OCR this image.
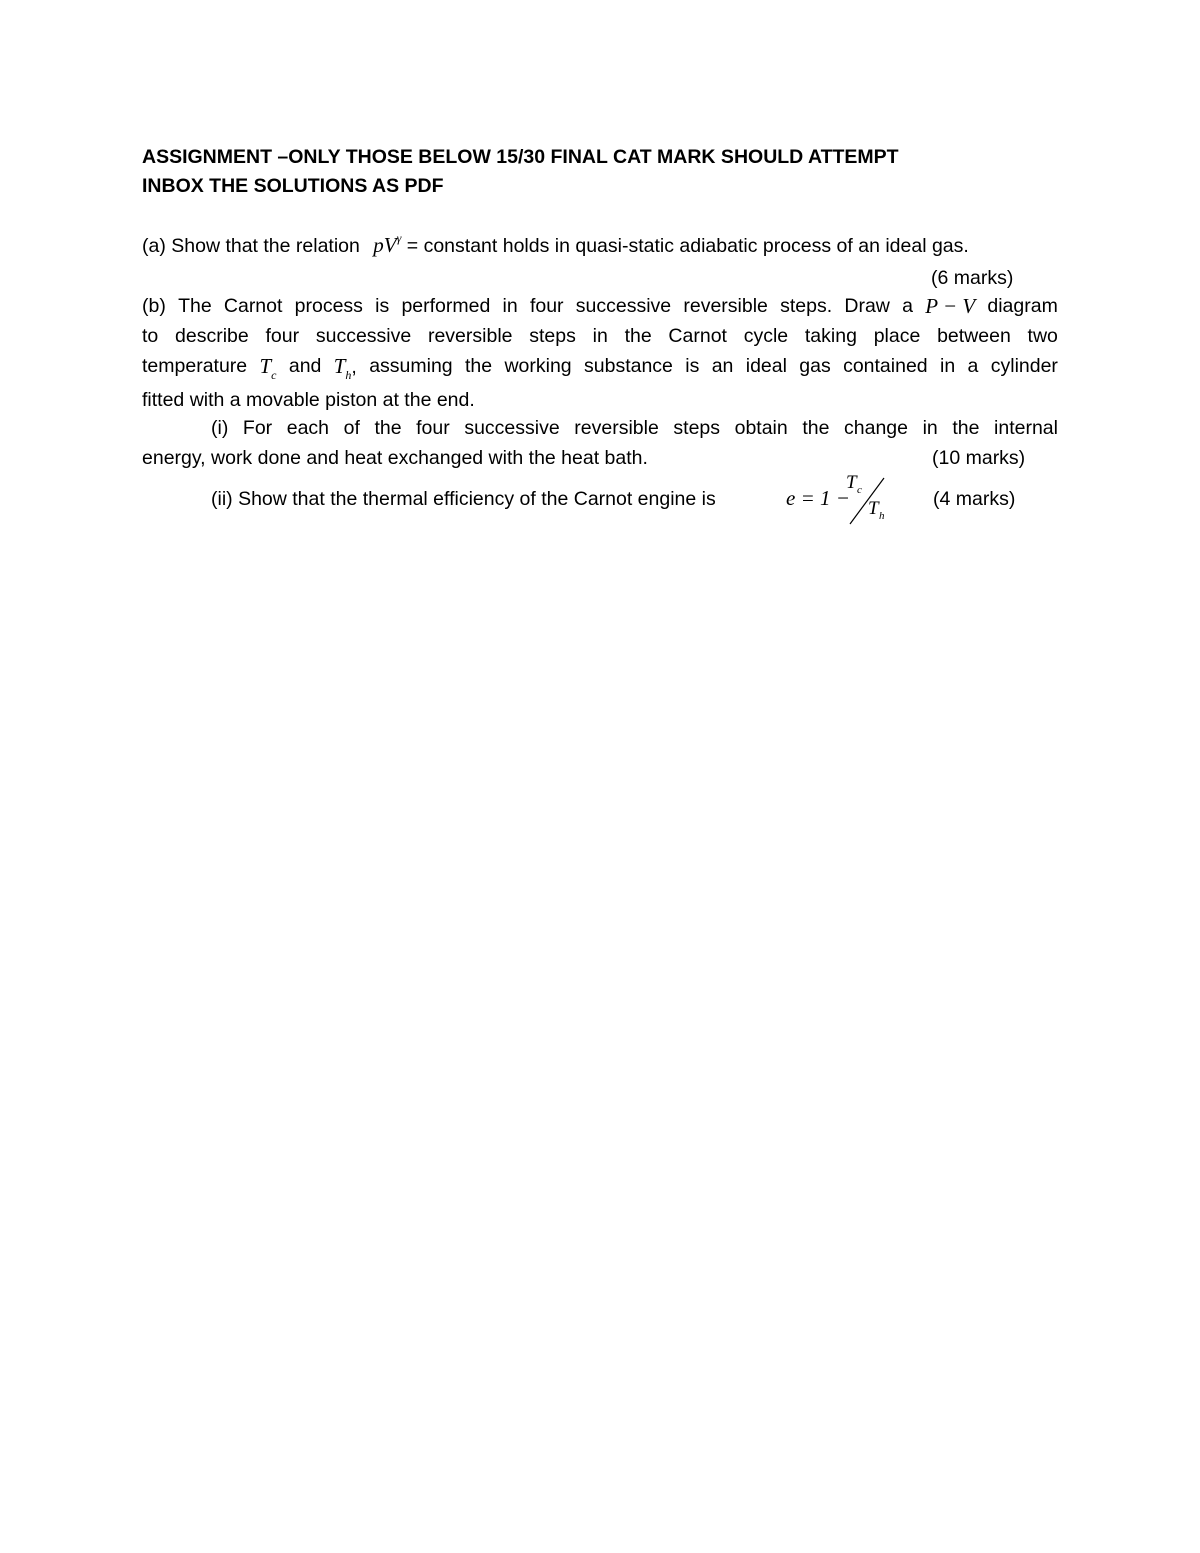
ASSIGNMENT –ONLY THOSE BELOW 15/30 FINAL CAT MARK SHOULD ATTEMPT
INBOX THE SOLUTIONS AS PDF
(a) Show that the relation $pV^\gamma$ = constant holds in quasi-static adiabatic process of an ideal gas.
(6 marks)
(b) The Carnot process is performed in four successive reversible steps. Draw a P − V diagram
to describe four successive reversible steps in the Carnot cycle taking place between two
temperature $T_c$ and $T_h$, assuming the working substance is an ideal gas contained in a cylinder
fitted with a movable piston at the end.
(i) For each of the four successive reversible steps obtain the change in the internal
energy, work done and heat exchanged with the heat bath.	(10 marks)
(ii) Show that the thermal efficiency of the Carnot engine is	e = 1 −
T c
T h
(4 marks)
